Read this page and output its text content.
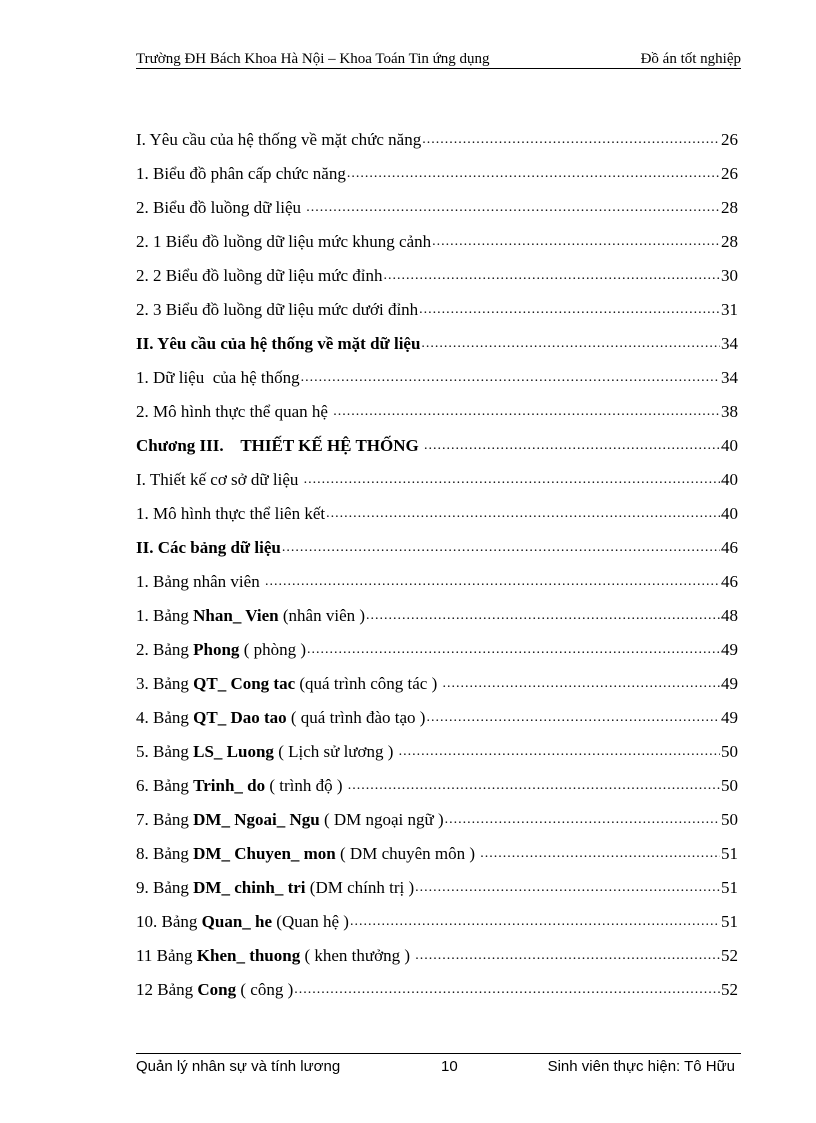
Trường ĐH Bách Khoa Hà Nội – Khoa Toán Tin ứng dụng	Đồ án tốt nghiệp
I. Yêu cầu của hệ thống về mặt chức năng .....	26
1. Biểu đồ phân cấp chức năng .....	26
2. Biểu đồ luồng dữ liệu .....	28
2. 1 Biểu đồ luồng dữ liệu mức khung cảnh .....	28
2. 2 Biểu đồ luồng dữ liệu mức đỉnh .....	30
2. 3 Biểu đồ luồng dữ liệu mức dưới đỉnh .....	31
II. Yêu cầu của hệ thống về mặt dữ liệu .....	34
1. Dữ liệu  của hệ thống .....	34
2. Mô hình thực thể quan hệ .....	38
Chương III.    THIẾT KẾ HỆ THỐNG .....	40
I. Thiết kế cơ sở dữ liệu .....	40
1. Mô hình thực thể liên kết .....	40
II. Các bảng dữ liệu .....	46
1. Bảng nhân viên .....	46
1. Bảng Nhan_ Vien (nhân viên ) .....	48
2. Bảng Phong ( phòng ) .....	49
3. Bảng QT_ Cong tac (quá trình công tác ) .....	49
4. Bảng QT_ Dao tao ( quá trình đào tạo ) .....	49
5. Bảng LS_ Luong ( Lịch sử lương ) .....	50
6. Bảng Trinh_ do ( trình độ ) .....	50
7. Bảng DM_ Ngoai_ Ngu ( DM ngoại ngữ ) .....	50
8. Bảng DM_ Chuyen_ mon ( DM chuyên môn ) .....	51
9. Bảng DM_ chinh_ tri (DM chính trị ) .....	51
10. Bảng Quan_ he (Quan hệ ) .....	51
11 Bảng Khen_ thuong ( khen thưởng ) .....	52
12 Bảng Cong ( công ) .....	52
Quản lý nhân sự và tính lương	10	Sinh viên thực hiện: Tô Hữu
